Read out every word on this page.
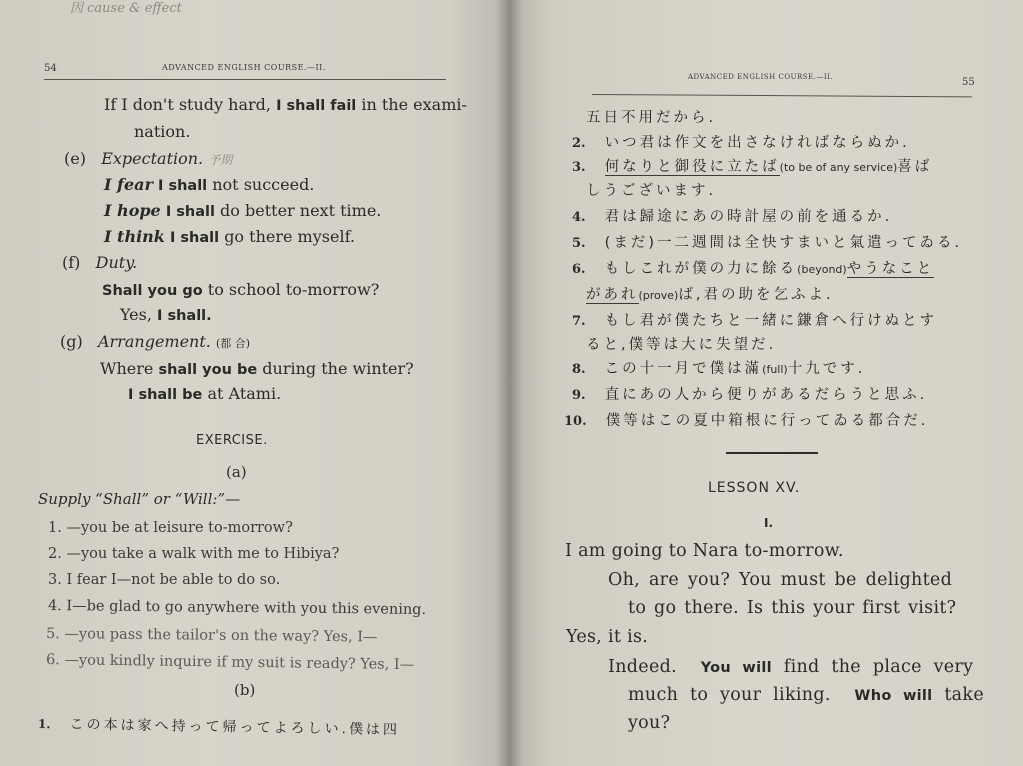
因 cause & effect
54	ADVANCED ENGLISH COURSE.—II.
If I don't study hard, I shall fail in the exami-
nation.
(e) Expectation. 予期
I fear I shall not succeed.
I hope I shall do better next time.
I think I shall go there myself.
(f) Duty.
Shall you go to school to-morrow?
Yes, I shall.
(g) Arrangement. (都 合)
Where shall you be during the winter?
I shall be at Atami.
EXERCISE.
(a)
Supply “Shall” or “Will:”—
1. —you be at leisure to-morrow?
2. —you take a walk with me to Hibiya?
3. I fear I—not be able to do so.
4. I—be glad to go anywhere with you this evening.
5. —you pass the tailor's on the way? Yes, I—
6. —you kindly inquire if my suit is ready? Yes, I—
(b)
1. この本は家へ持って帰ってよろしい.僕は四
ADVANCED ENGLISH COURSE.—II.	55
五日不用だから.
2. いつ君は作文を出さなければならぬか.
3. 何なりと御役に立たば(to be of any service)喜ば
しうございます.
4. 君は歸途にあの時計屋の前を通るか.
5. (まだ)一二週間は全快すまいと氣遣ってゐる.
6. もしこれが僕の力に餘る(beyond)やうなこと
があれ(prove)ば,君の助を乞ふよ.
7. もし君が僕たちと一緒に鎌倉へ行けぬとす
ると,僕等は大に失望だ.
8. この十一月で僕は滿(full)十九です.
9. 直にあの人から便りがあるだらうと思ふ.
10. 僕等はこの夏中箱根に行ってゐる都合だ.
LESSON XV.
I.
I am going to Nara to-morrow.
Oh, are you? You must be delighted
to go there. Is this your first visit?
Yes, it is.
Indeed. You will find the place very
much to your liking. Who will take
you?
